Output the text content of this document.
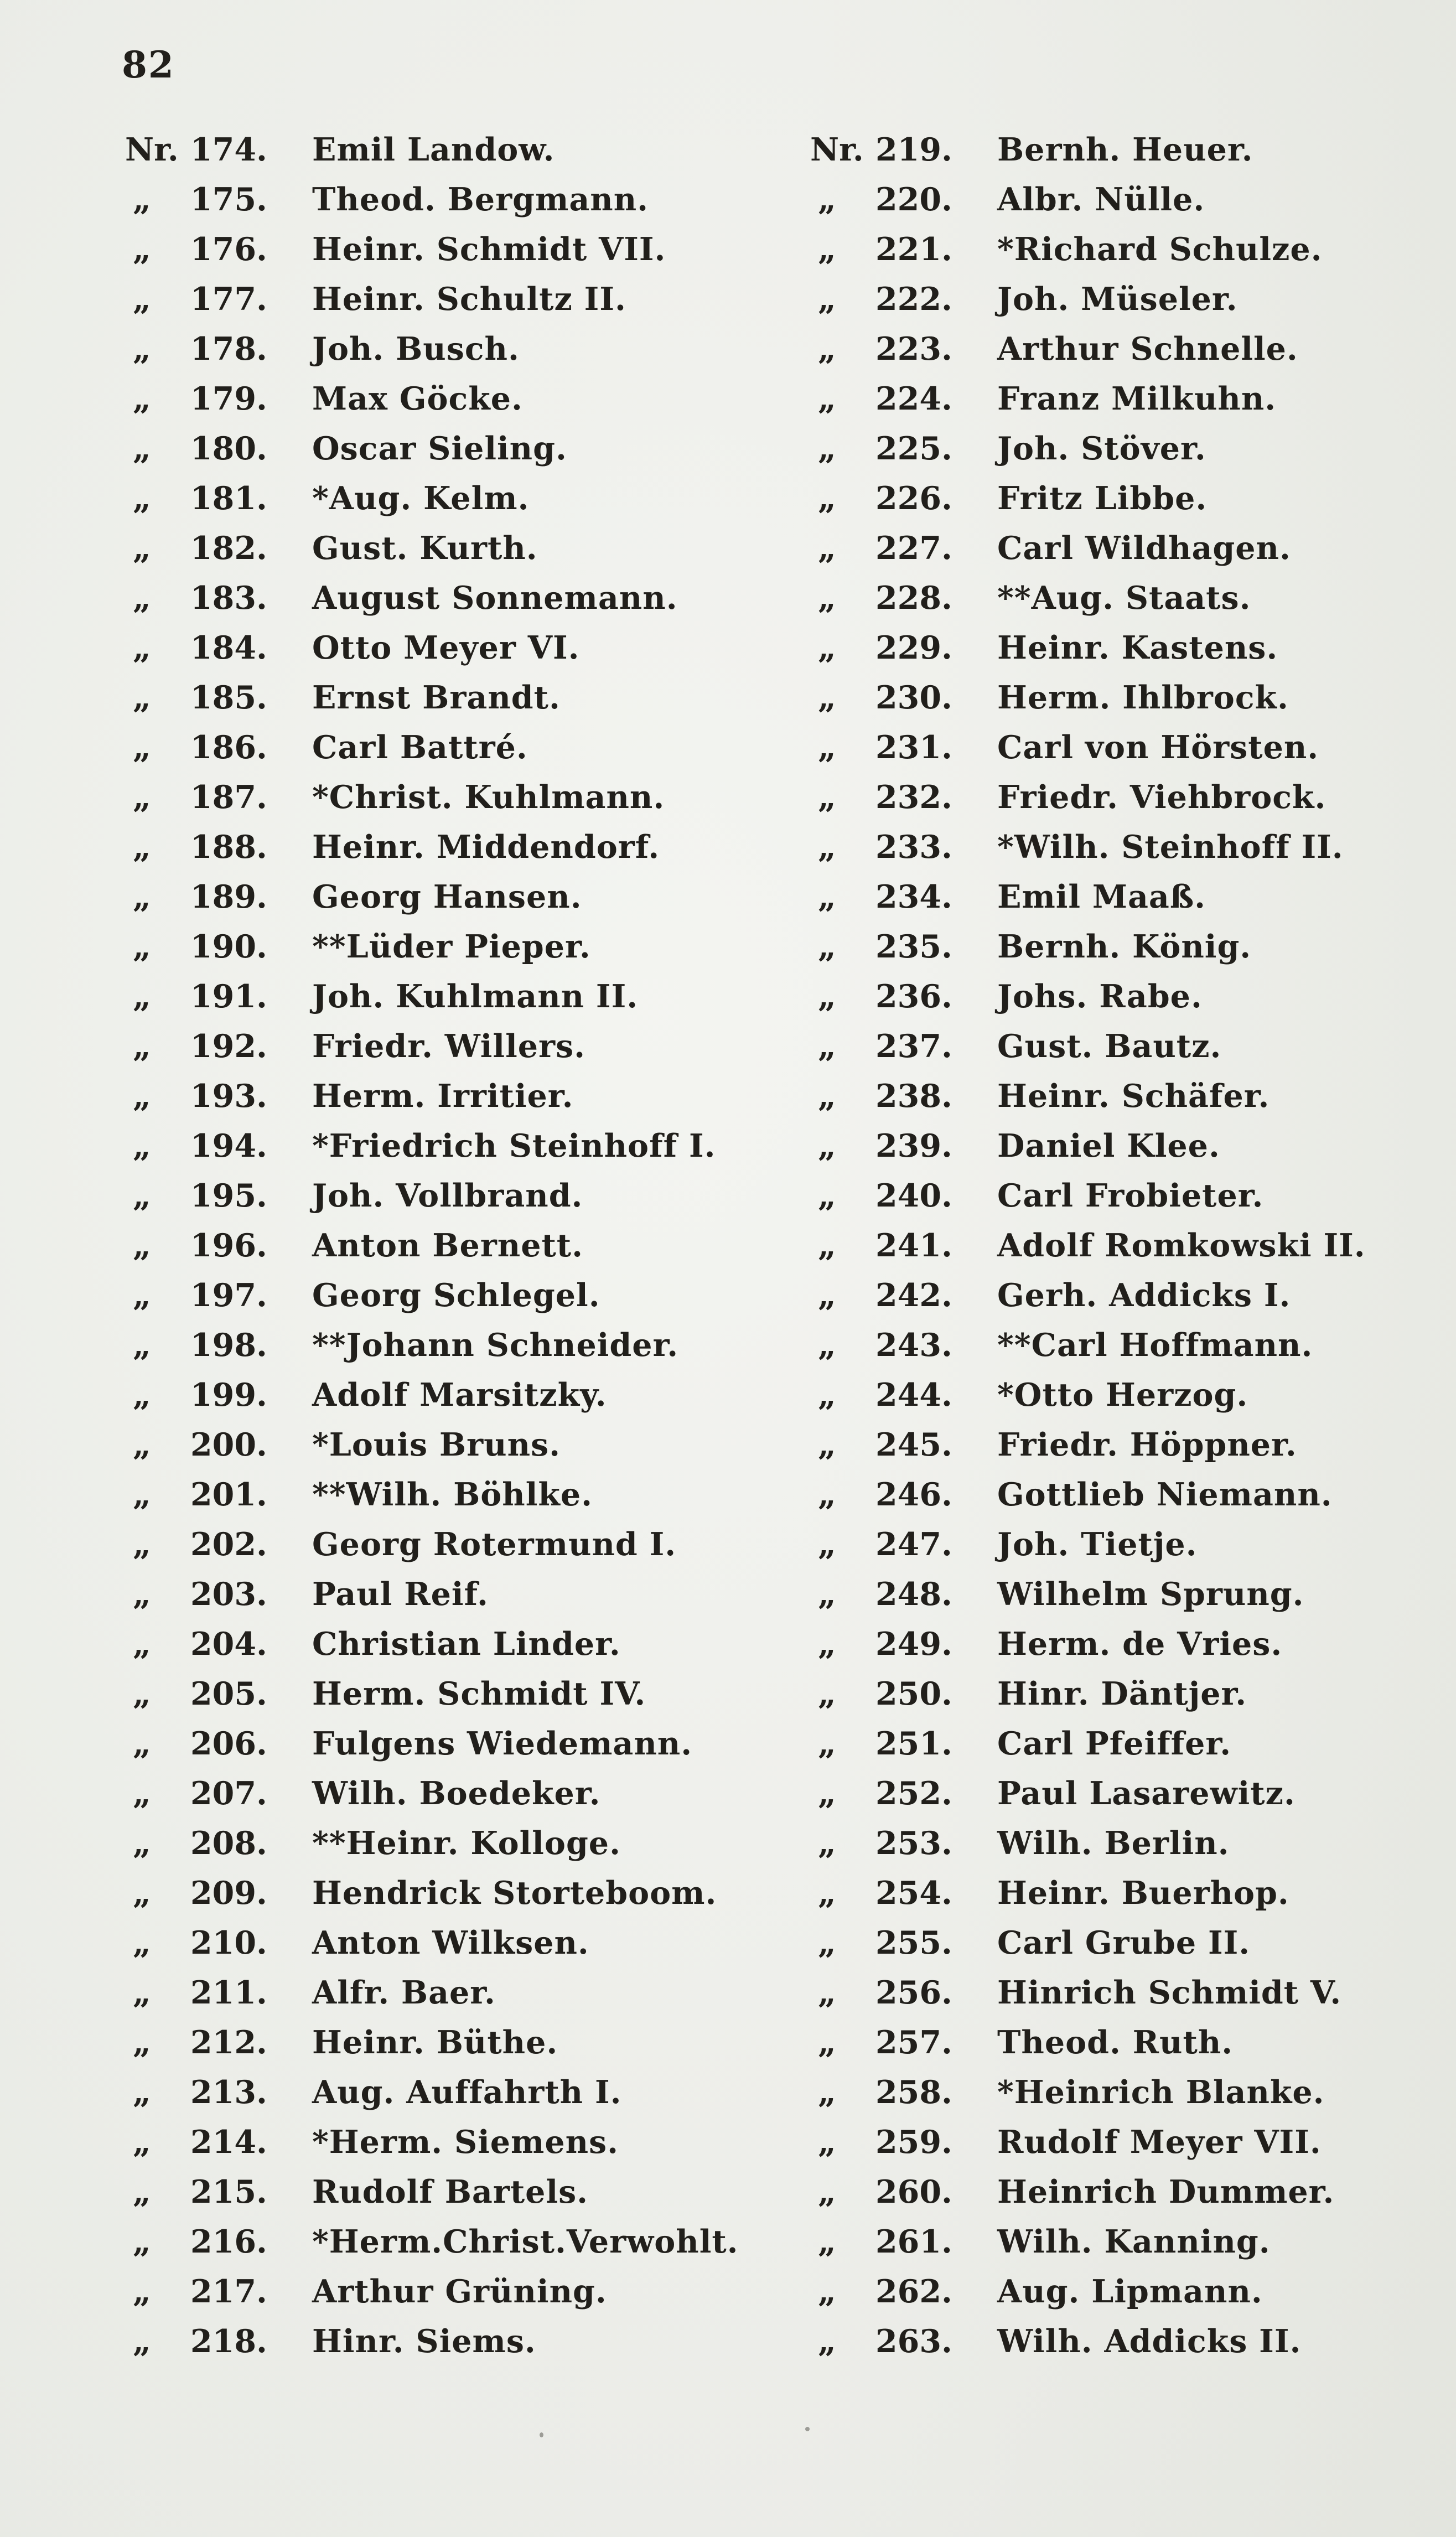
82
Nr. 174.	Emil Landow.
„	175.	Theod. Bergmann.
„	176.	Heinr. Schmidt VII.
„	177.	Heinr. Schultz II.
„	178.	Joh. Busch.
„	179.	Max Göcke.
„	180.	Oscar Sieling.
„	181.	*Aug. Kelm.
„	182.	Gust. Kurth.
„	183.	August Sonnemann.
„	184.	Otto Meyer VI.
„	185.	Ernst Brandt.
„	186.	Carl Battré.
„	187.	*Christ. Kuhlmann.
„	188.	Heinr. Middendorf.
„	189.	Georg Hansen.
„	190.	**Lüder Pieper.
„	191.	Joh. Kuhlmann II.
„	192.	Friedr. Willers.
„	193.	Herm. Irritier.
„	194.	*Friedrich Steinhoff I.
„	195.	Joh. Vollbrand.
„	196.	Anton Bernett.
„	197.	Georg Schlegel.
„	198.	**Johann Schneider.
„	199.	Adolf Marsitzky.
„	200.	*Louis Bruns.
„	201.	**Wilh. Böhlke.
„	202.	Georg Rotermund I.
„	203.	Paul Reif.
„	204.	Christian Linder.
„	205.	Herm. Schmidt IV.
„	206.	Fulgens Wiedemann.
„	207.	Wilh. Boedeker.
„	208.	**Heinr. Kolloge.
„	209.	Hendrick Storteboom.
„	210.	Anton Wilksen.
„	211.	Alfr. Baer.
„	212.	Heinr. Büthe.
„	213.	Aug. Auffahrth I.
„	214.	*Herm. Siemens.
„	215.	Rudolf Bartels.
„	216.	*Herm.Christ.Verwohlt.
„	217.	Arthur Grüning.
„	218.	Hinr. Siems.
Nr. 219.	Bernh. Heuer.
„	220.	Albr. Nülle.
„	221.	*Richard Schulze.
„	222.	Joh. Müseler.
„	223.	Arthur Schnelle.
„	224.	Franz Milkuhn.
„	225.	Joh. Stöver.
„	226.	Fritz Libbe.
„	227.	Carl Wildhagen.
„	228.	**Aug. Staats.
„	229.	Heinr. Kastens.
„	230.	Herm. Ihlbrock.
„	231.	Carl von Hörsten.
„	232.	Friedr. Viehbrock.
„	233.	*Wilh. Steinhoff II.
„	234.	Emil Maaß.
„	235.	Bernh. König.
„	236.	Johs. Rabe.
„	237.	Gust. Bautz.
„	238.	Heinr. Schäfer.
„	239.	Daniel Klee.
„	240.	Carl Frobieter.
„	241.	Adolf Romkowski II.
„	242.	Gerh. Addicks I.
„	243.	**Carl Hoffmann.
„	244.	*Otto Herzog.
„	245.	Friedr. Höppner.
„	246.	Gottlieb Niemann.
„	247.	Joh. Tietje.
„	248.	Wilhelm Sprung.
„	249.	Herm. de Vries.
„	250.	Hinr. Däntjer.
„	251.	Carl Pfeiffer.
„	252.	Paul Lasarewitz.
„	253.	Wilh. Berlin.
„	254.	Heinr. Buerhop.
„	255.	Carl Grube II.
„	256.	Hinrich Schmidt V.
„	257.	Theod. Ruth.
„	258.	*Heinrich Blanke.
„	259.	Rudolf Meyer VII.
„	260.	Heinrich Dummer.
„	261.	Wilh. Kanning.
„	262.	Aug. Lipmann.
„	263.	Wilh. Addicks II.
